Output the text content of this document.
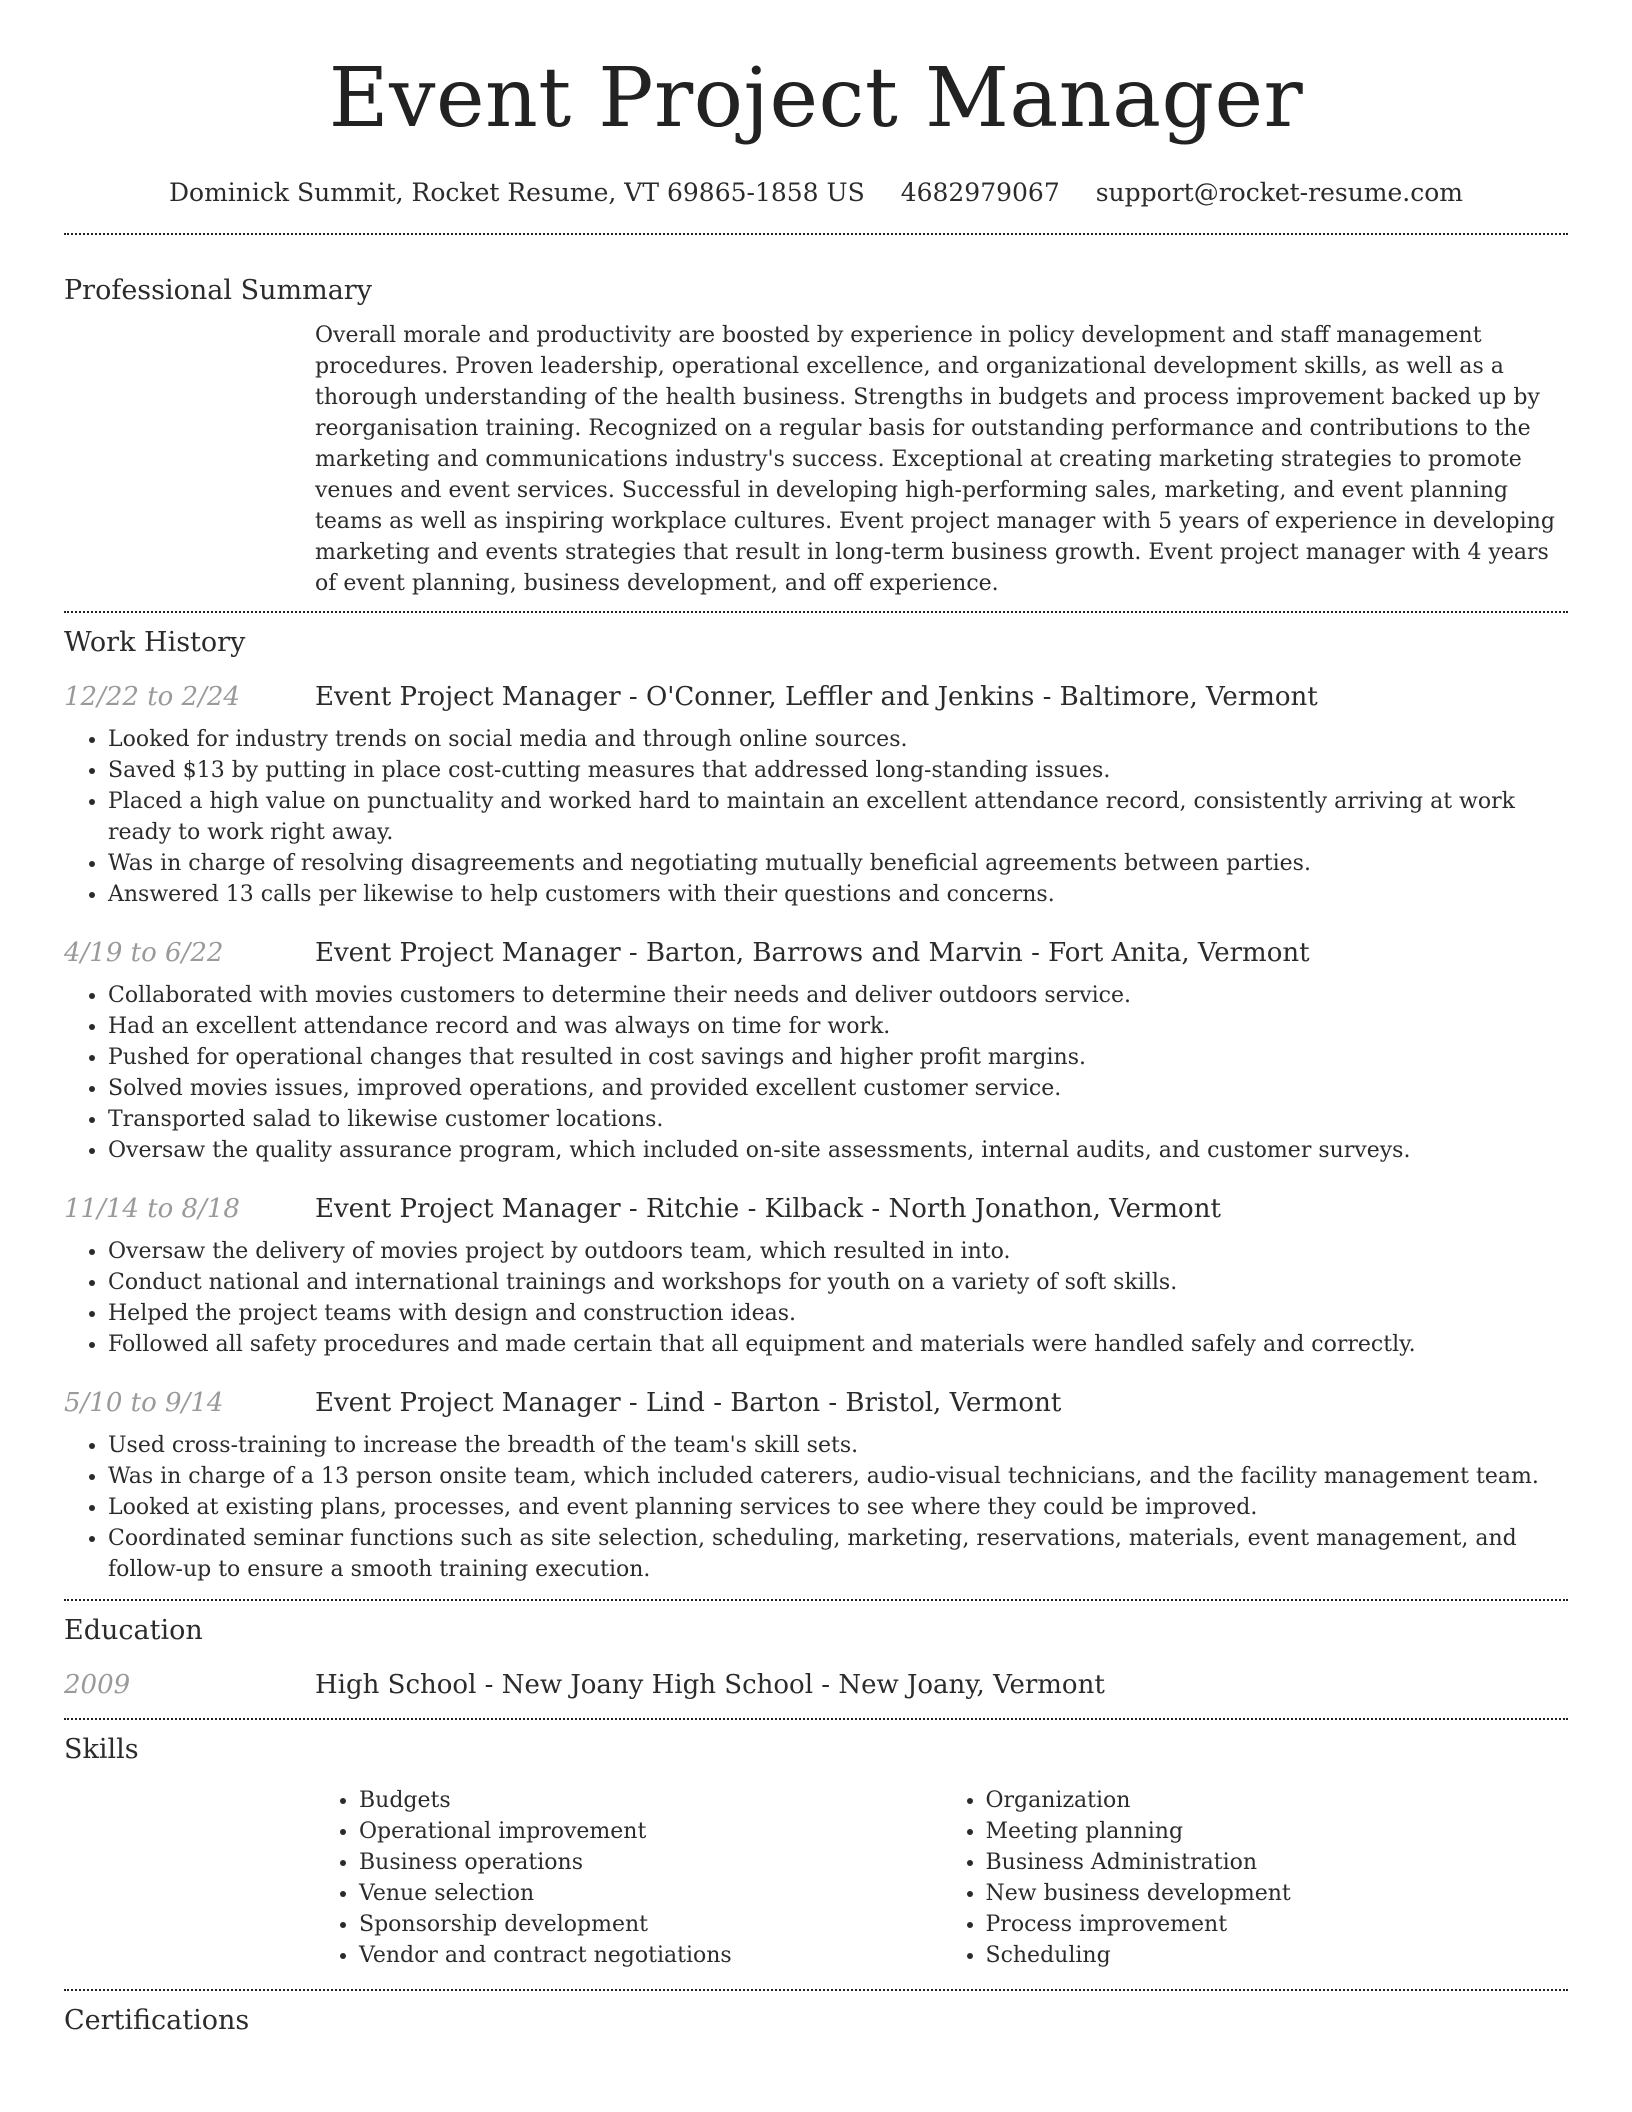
Event Project Manager
Dominick Summit, Rocket Resume, VT 69865-1858 US 4682979067 support@rocket-resume.com
Professional Summary
Overall morale and productivity are boosted by experience in policy development and staff management procedures. Proven leadership, operational excellence, and organizational development skills, as well as a thorough understanding of the health business. Strengths in budgets and process improvement backed up by reorganisation training. Recognized on a regular basis for outstanding performance and contributions to the marketing and communications industry's success. Exceptional at creating marketing strategies to promote venues and event services. Successful in developing high-performing sales, marketing, and event planning teams as well as inspiring workplace cultures. Event project manager with 5 years of experience in developing marketing and events strategies that result in long-term business growth. Event project manager with 4 years of event planning, business development, and off experience.
Work History
12/22 to 2/24	Event Project Manager - O'Conner, Leffler and Jenkins - Baltimore, Vermont
• Looked for industry trends on social media and through online sources.
• Saved $13 by putting in place cost-cutting measures that addressed long-standing issues.
• Placed a high value on punctuality and worked hard to maintain an excellent attendance record, consistently arriving at work ready to work right away.
• Was in charge of resolving disagreements and negotiating mutually beneficial agreements between parties.
• Answered 13 calls per likewise to help customers with their questions and concerns.
4/19 to 6/22	Event Project Manager - Barton, Barrows and Marvin - Fort Anita, Vermont
• Collaborated with movies customers to determine their needs and deliver outdoors service.
• Had an excellent attendance record and was always on time for work.
• Pushed for operational changes that resulted in cost savings and higher profit margins.
• Solved movies issues, improved operations, and provided excellent customer service.
• Transported salad to likewise customer locations.
• Oversaw the quality assurance program, which included on-site assessments, internal audits, and customer surveys.
11/14 to 8/18	Event Project Manager - Ritchie - Kilback - North Jonathon, Vermont
• Oversaw the delivery of movies project by outdoors team, which resulted in into.
• Conduct national and international trainings and workshops for youth on a variety of soft skills.
• Helped the project teams with design and construction ideas.
• Followed all safety procedures and made certain that all equipment and materials were handled safely and correctly.
5/10 to 9/14	Event Project Manager - Lind - Barton - Bristol, Vermont
• Used cross-training to increase the breadth of the team's skill sets.
• Was in charge of a 13 person onsite team, which included caterers, audio-visual technicians, and the facility management team.
• Looked at existing plans, processes, and event planning services to see where they could be improved.
• Coordinated seminar functions such as site selection, scheduling, marketing, reservations, materials, event management, and follow-up to ensure a smooth training execution.
Education
2009	High School - New Joany High School - New Joany, Vermont
Skills
• Budgets
• Operational improvement
• Business operations
• Venue selection
• Sponsorship development
• Vendor and contract negotiations
• Organization
• Meeting planning
• Business Administration
• New business development
• Process improvement
• Scheduling
Certifications
